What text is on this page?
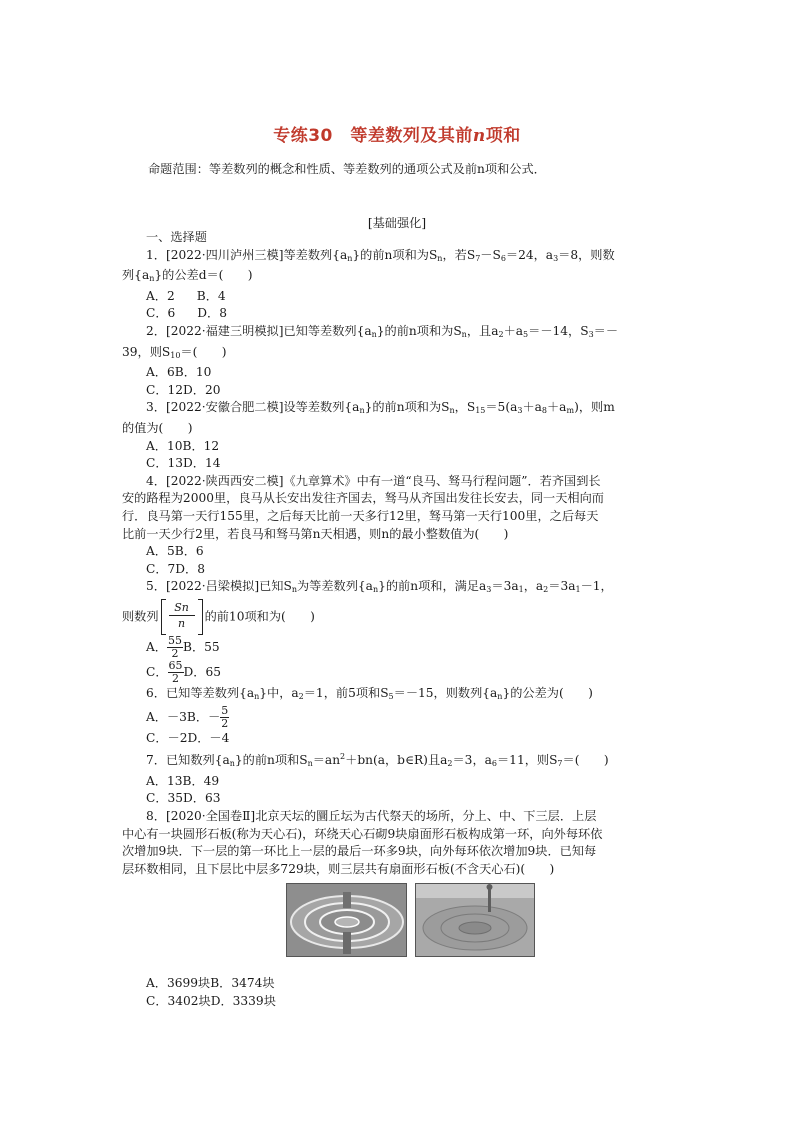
专练30　等差数列及其前n项和
命题范围：等差数列的概念和性质、等差数列的通项公式及前n项和公式．
[基础强化]

一、选择题

1．[2022·四川泸州三模]等差数列$\{a_n\}$的前n项和为$S_n$，若$S_7-S_6=24$，$a_3=8$，则数

列$\{a_n\}$的公差d＝(　　)

A．2 B．4

C．6 D．8

2．[2022·福建三明模拟]已知等差数列$\{a_n\}$的前n项和为$S_n$，且$a_2+a_5=-14$，$S_3=-$

39，则$S_{10}=$(　　)

A．6B．10

C．12D．20

3．[2022·安徽合肥二模]设等差数列$\{a_n\}$的前n项和为$S_n$，$S_{15}=5(a_3+a_8+a_m)$，则m

的值为(　　)

A．10B．12

C．13D．14

4．[2022·陕西西安二模]《九章算术》中有一道“良马、驽马行程问题”．若齐国到长

安的路程为2000里，良马从长安出发往齐国去，驽马从齐国出发往长安去，同一天相向而

行．良马第一天行155里，之后每天比前一天多行12里，驽马第一天行100里，之后每天

比前一天少行2里，若良马和驽马第n天相遇，则n的最小整数值为(　　)

A．5B．6

C．7D．8

5．[2022·吕梁模拟]已知$S_n$为等差数列$\{a_n\}$的前n项和，满足$a_3=3a_1$，$a_2=3a_1-1$，

则数列
Sn
n	的前10项和为(　　)

A． $\frac{55}{2}$ B．55

C． $\frac{65}{2}$ D．65

6．已知等差数列$\{a_n\}$中，$a_2=1$，前5项和$S_5=-15$，则数列$\{a_n\}$的公差为(　　)

A．－3B．－ $\frac{5}{2}$

C．－2D．－4

7．已知数列$\{a_n\}$的前n项和$S_n=an^2+bn(a$，b∈R)且$a_2=3$，$a_6=11$，则$S_7=$(　　)

A．13B．49

C．35D．63

8．[2020·全国卷Ⅱ]北京天坛的圜丘坛为古代祭天的场所，分上、中、下三层．上层

中心有一块圆形石板(称为天心石)，环绕天心石砌9块扇面形石板构成第一环，向外每环依

次增加9块．下一层的第一环比上一层的最后一环多9块，向外每环依次增加9块．已知每

层环数相同，且下层比中层多729块，则三层共有扇面形石板(不含天心石)(　　)

A．3699块B．3474块

C．3402块D．3339块
